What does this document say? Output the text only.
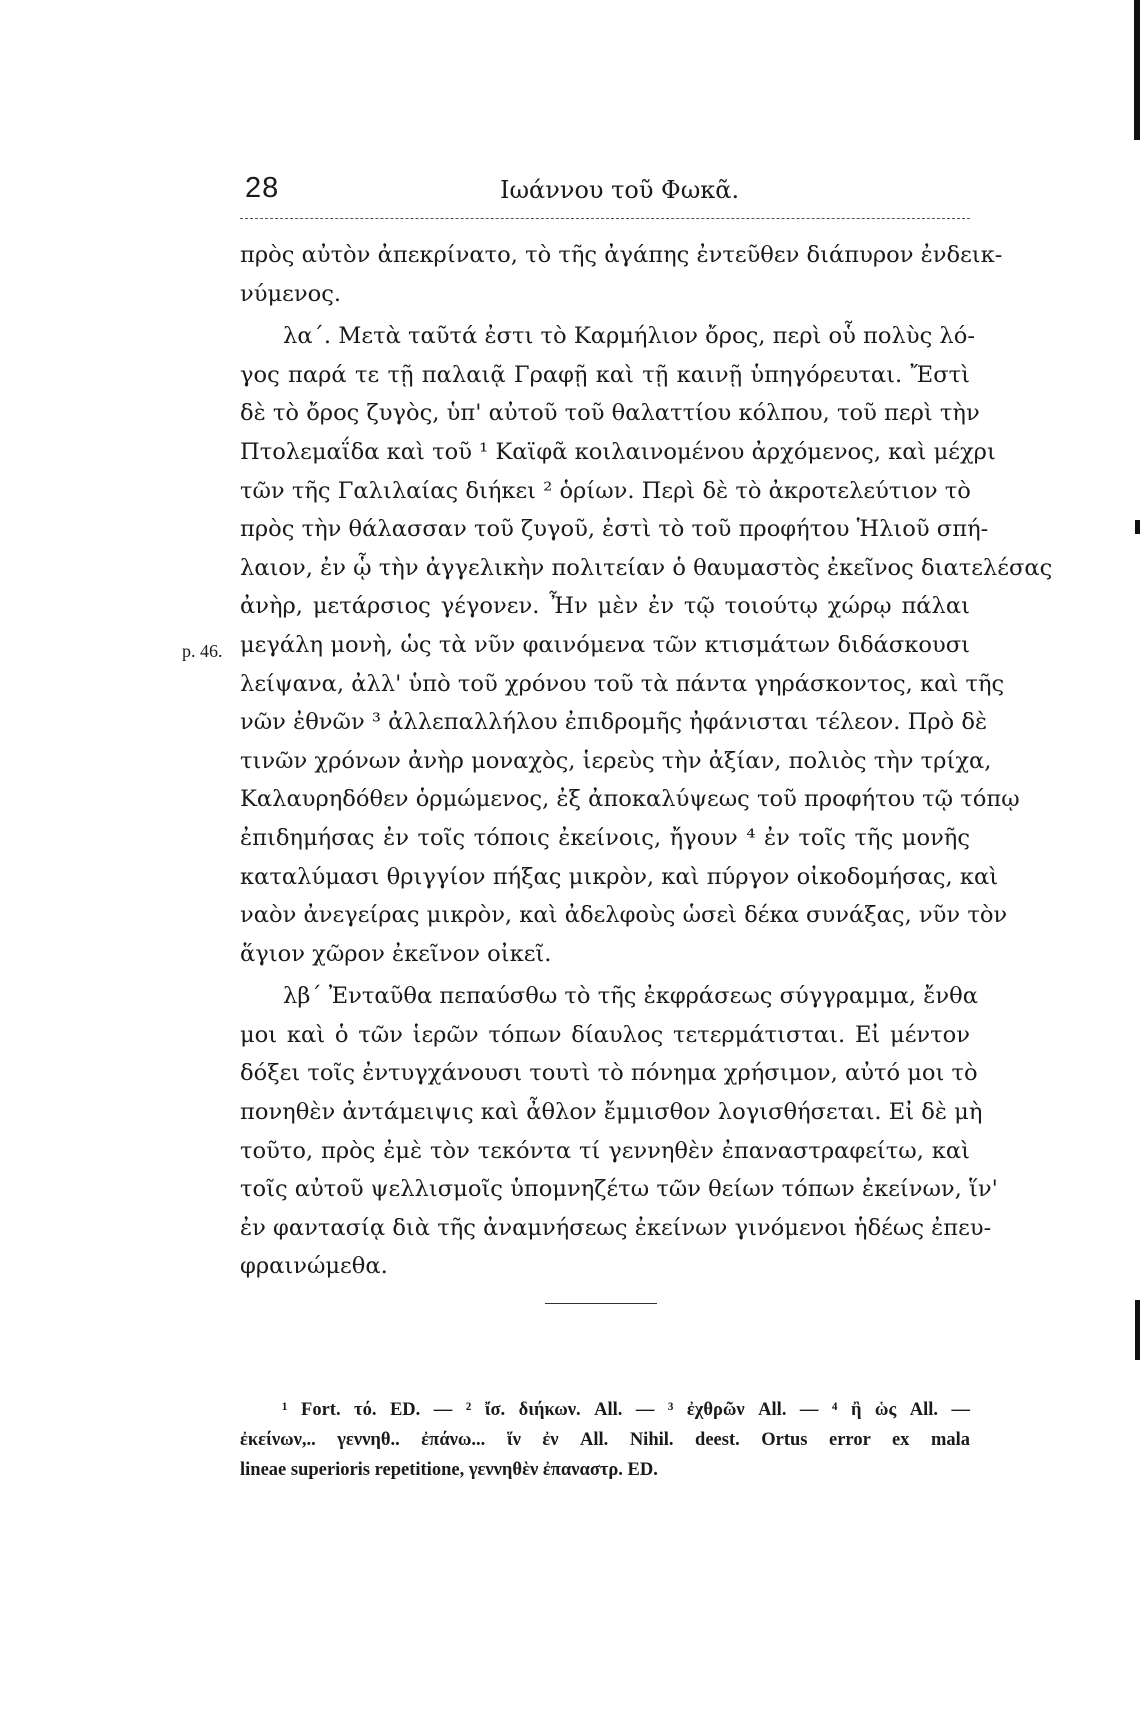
28	Ιωάννου τοῦ Φωκᾶ.
πρὸς αὐτὸν ἀπεκρίνατο, τὸ τῆς ἀγάπης ἐντεῦθεν διάπυρον ἐνδεικ-
νύμενος.
λα΄. Μετὰ ταῦτά ἐστι τὸ Καρμήλιον ὄρος, περὶ οὗ πολὺς λό-
γος παρά τε τῇ παλαιᾷ Γραφῇ καὶ τῇ καινῇ ὑπηγόρευται. Ἔστὶ
δὲ τὸ ὄρος ζυγὸς, ὑπ' αὐτοῦ τοῦ θαλαττίου κόλπου, τοῦ περὶ τὴν
Πτολεμαΐδα καὶ τοῦ ¹ Καϊφᾶ κοιλαινομένου ἀρχόμενος, καὶ μέχρι
τῶν τῆς Γαλιλαίας διήκει ² ὁρίων. Περὶ δὲ τὸ ἀκροτελεύτιον τὸ
πρὸς τὴν θάλασσαν τοῦ ζυγοῦ, ἐστὶ τὸ τοῦ προφήτου Ἡλιοῦ σπή-
λαιον, ἐν ᾧ τὴν ἀγγελικὴν πολιτείαν ὁ θαυμαστὸς ἐκεῖνος διατελέσας
ἀνὴρ, μετάρσιος γέγονεν. Ἦν μὲν ἐν τῷ τοιούτῳ χώρῳ πάλαι
μεγάλη μονὴ, ὡς τὰ νῦν φαινόμενα τῶν κτισμάτων διδάσκουσι
λείψανα, ἀλλ' ὑπὸ τοῦ χρόνου τοῦ τὰ πάντα γηράσκοντος, καὶ τῆς
νῶν ἐθνῶν ³ ἀλλεπαλλήλου ἐπιδρομῆς ἠφάνισται τέλεον. Πρὸ δὲ
τινῶν χρόνων ἀνὴρ μοναχὸς, ἱερεὺς τὴν ἀξίαν, πολιὸς τὴν τρίχα,
Καλαυρηδόθεν ὁρμώμενος, ἐξ ἀποκαλύψεως τοῦ προφήτου τῷ τόπῳ
ἐπιδημήσας ἐν τοῖς τόποις ἐκείνοις, ἤγουν ⁴ ἐν τοῖς τῆς μονῆς
καταλύμασι θριγγίον πήξας μικρὸν, καὶ πύργον οἰκοδομήσας, καὶ
ναὸν ἀνεγείρας μικρὸν, καὶ ἀδελφοὺς ὡσεὶ δέκα συνάξας, νῦν τὸν
ἅγιον χῶρον ἐκεῖνον οἰκεῖ.
λβ΄ Ἐνταῦθα πεπαύσθω τὸ τῆς ἐκφράσεως σύγγραμμα, ἔνθα
μοι καὶ ὁ τῶν ἱερῶν τόπων δίαυλος τετερμάτισται. Εἰ μέντον
δόξει τοῖς ἐντυγχάνουσι τουτὶ τὸ πόνημα χρήσιμον, αὐτό μοι τὸ
πονηθὲν ἀντάμειψις καὶ ἆθλον ἔμμισθον λογισθήσεται. Εἰ δὲ μὴ
τοῦτο, πρὸς ἐμὲ τὸν τεκόντα τί γεννηθὲν ἐπαναστραφείτω, καὶ
τοῖς αὐτοῦ ψελλισμοῖς ὑπομνηζέτω τῶν θείων τόπων ἐκείνων, ἵν'
ἐν φαντασίᾳ διὰ τῆς ἀναμνήσεως ἐκείνων γινόμενοι ἡδέως ἐπευ-
φραινώμεθα.
p. 46.
¹ Fort. τό. ED. — ² ἴσ. διήκων. All. — ³ ἐχθρῶν All. — ⁴ ἢ ὡς All. —
ἐκείνων,.. γεννηθ.. ἐπάνω... ἵν ἐν All. Nihil. deest. Ortus error ex mala
lineae superioris repetitione, γεννηθὲν ἐπαναστρ. ED.
